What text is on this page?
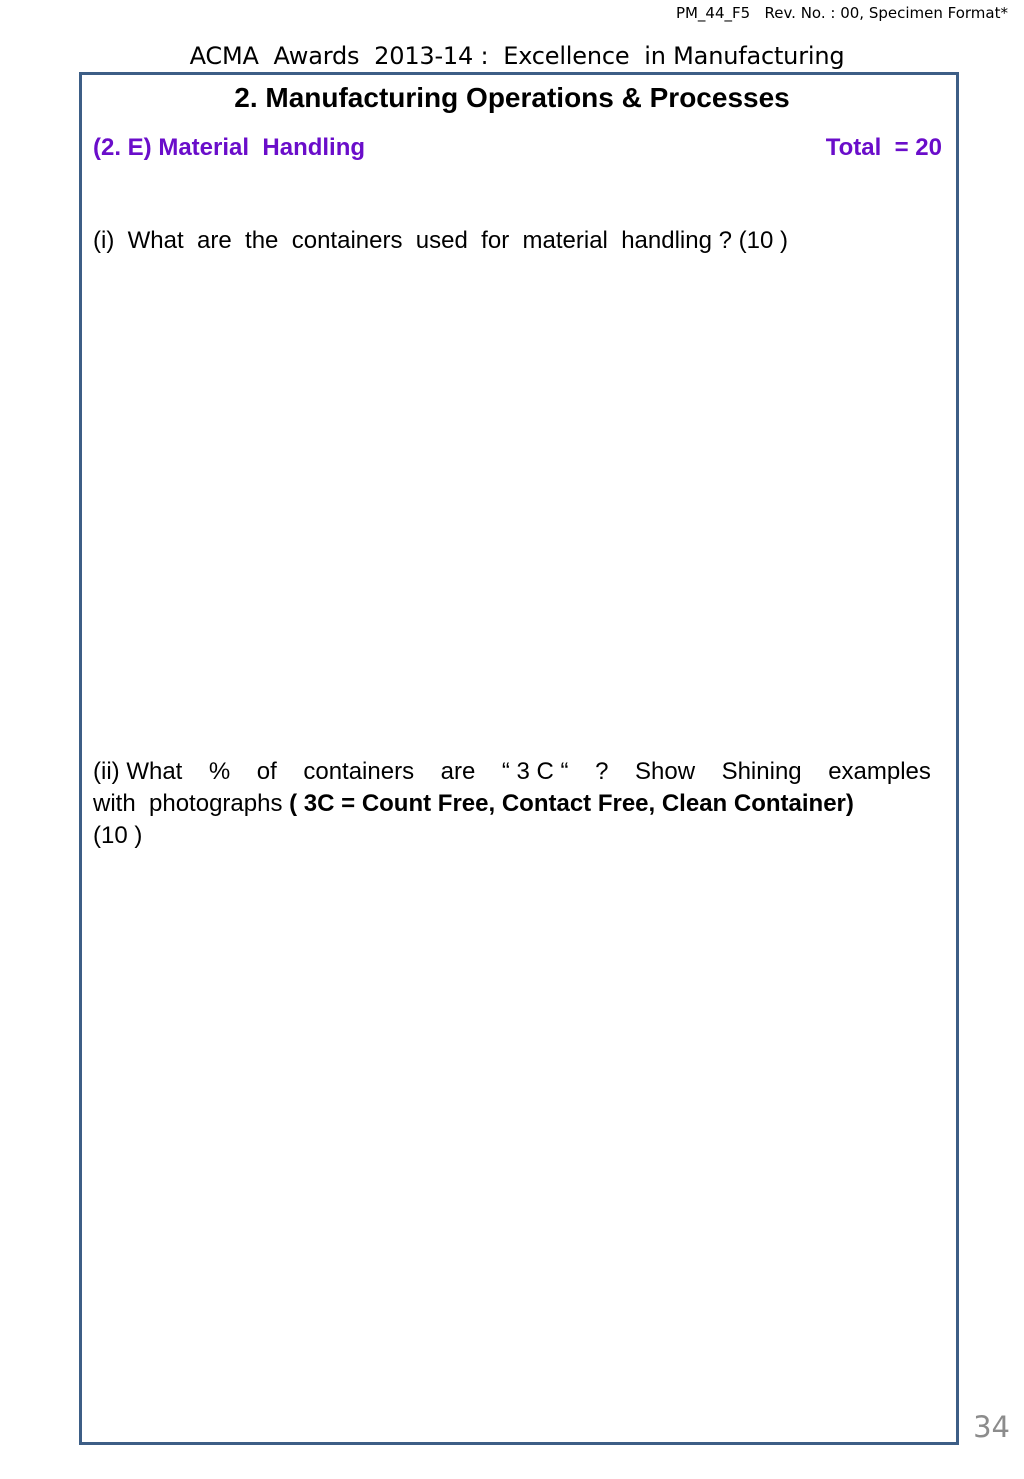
PM_44_F5   Rev. No. : 00, Specimen Format*
ACMA  Awards  2013-14 :  Excellence  in Manufacturing
2. Manufacturing Operations & Processes
(2. E) Material  Handling	Total  = 20
(i)  What  are  the  containers  used  for  material  handling ? (10 )
(ii) What % of containers are “ 3 C “ ? Show Shining examples
with  photographs ( 3C = Count Free, Contact Free, Clean Container)
(10 )
34
